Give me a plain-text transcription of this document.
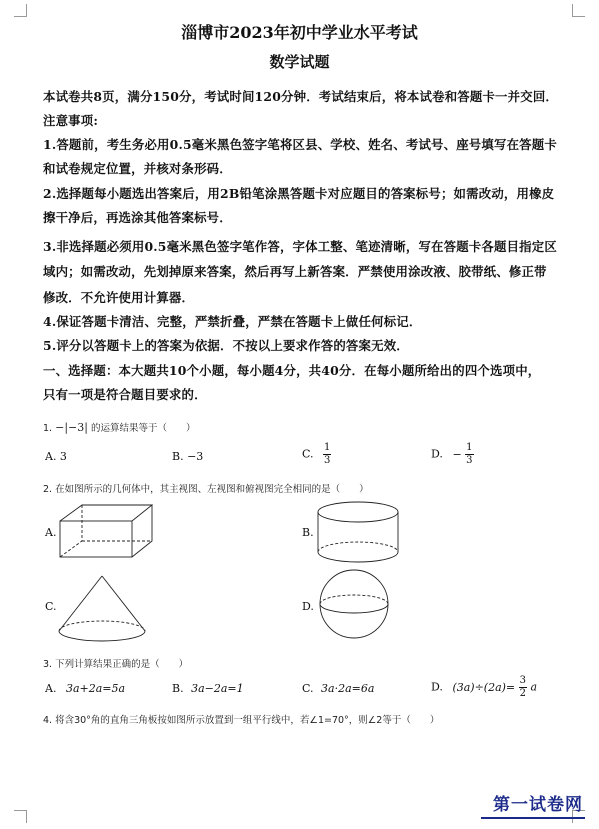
淄博市2023年初中学业水平考试
数学试题
本试卷共8页，满分150分，考试时间120分钟．考试结束后，将本试卷和答题卡一并交回．
注意事项:
1.答题前，考生务必用0.5毫米黑色签字笔将区县、学校、姓名、考试号、座号填写在答题卡
和试卷规定位置，并核对条形码．
2.选择题每小题选出答案后，用2B铅笔涂黑答题卡对应题目的答案标号；如需改动，用橡皮
擦干净后，再选涂其他答案标号．
3.非选择题必须用0.5毫米黑色签字笔作答，字体工整、笔迹清晰，写在答题卡各题目指定区
域内；如需改动，先划掉原来答案，然后再写上新答案．严禁使用涂改液、胶带纸、修正带
修改．不允许使用计算器．
4.保证答题卡清洁、完整，严禁折叠，严禁在答题卡上做任何标记．
5.评分以答题卡上的答案为依据．不按以上要求作答的答案无效．
一、选择题：本大题共10个小题，每小题4分，共40分．在每小题所给出的四个选项中，
只有一项是符合题目要求的．
1. −|−3| 的运算结果等于（　　）
A. 3	B. −3	C. $\frac{1}{3}$	D. − $\frac{1}{3}$
2. 在如图所示的几何体中，其主视图、左视图和俯视图完全相同的是（　　）
A.	B.
C.	D.
3. 下列计算结果正确的是（　　）
A. 3a+2a=5a	B. 3a−2a=1	C. 3a·2a=6a	D. $(3a)\div(2a)= \frac{3}{2}$ a
4. 将含30°角的直角三角板按如图所示放置到一组平行线中，若∠1=70°，则∠2等于（　　）
第一试卷网
